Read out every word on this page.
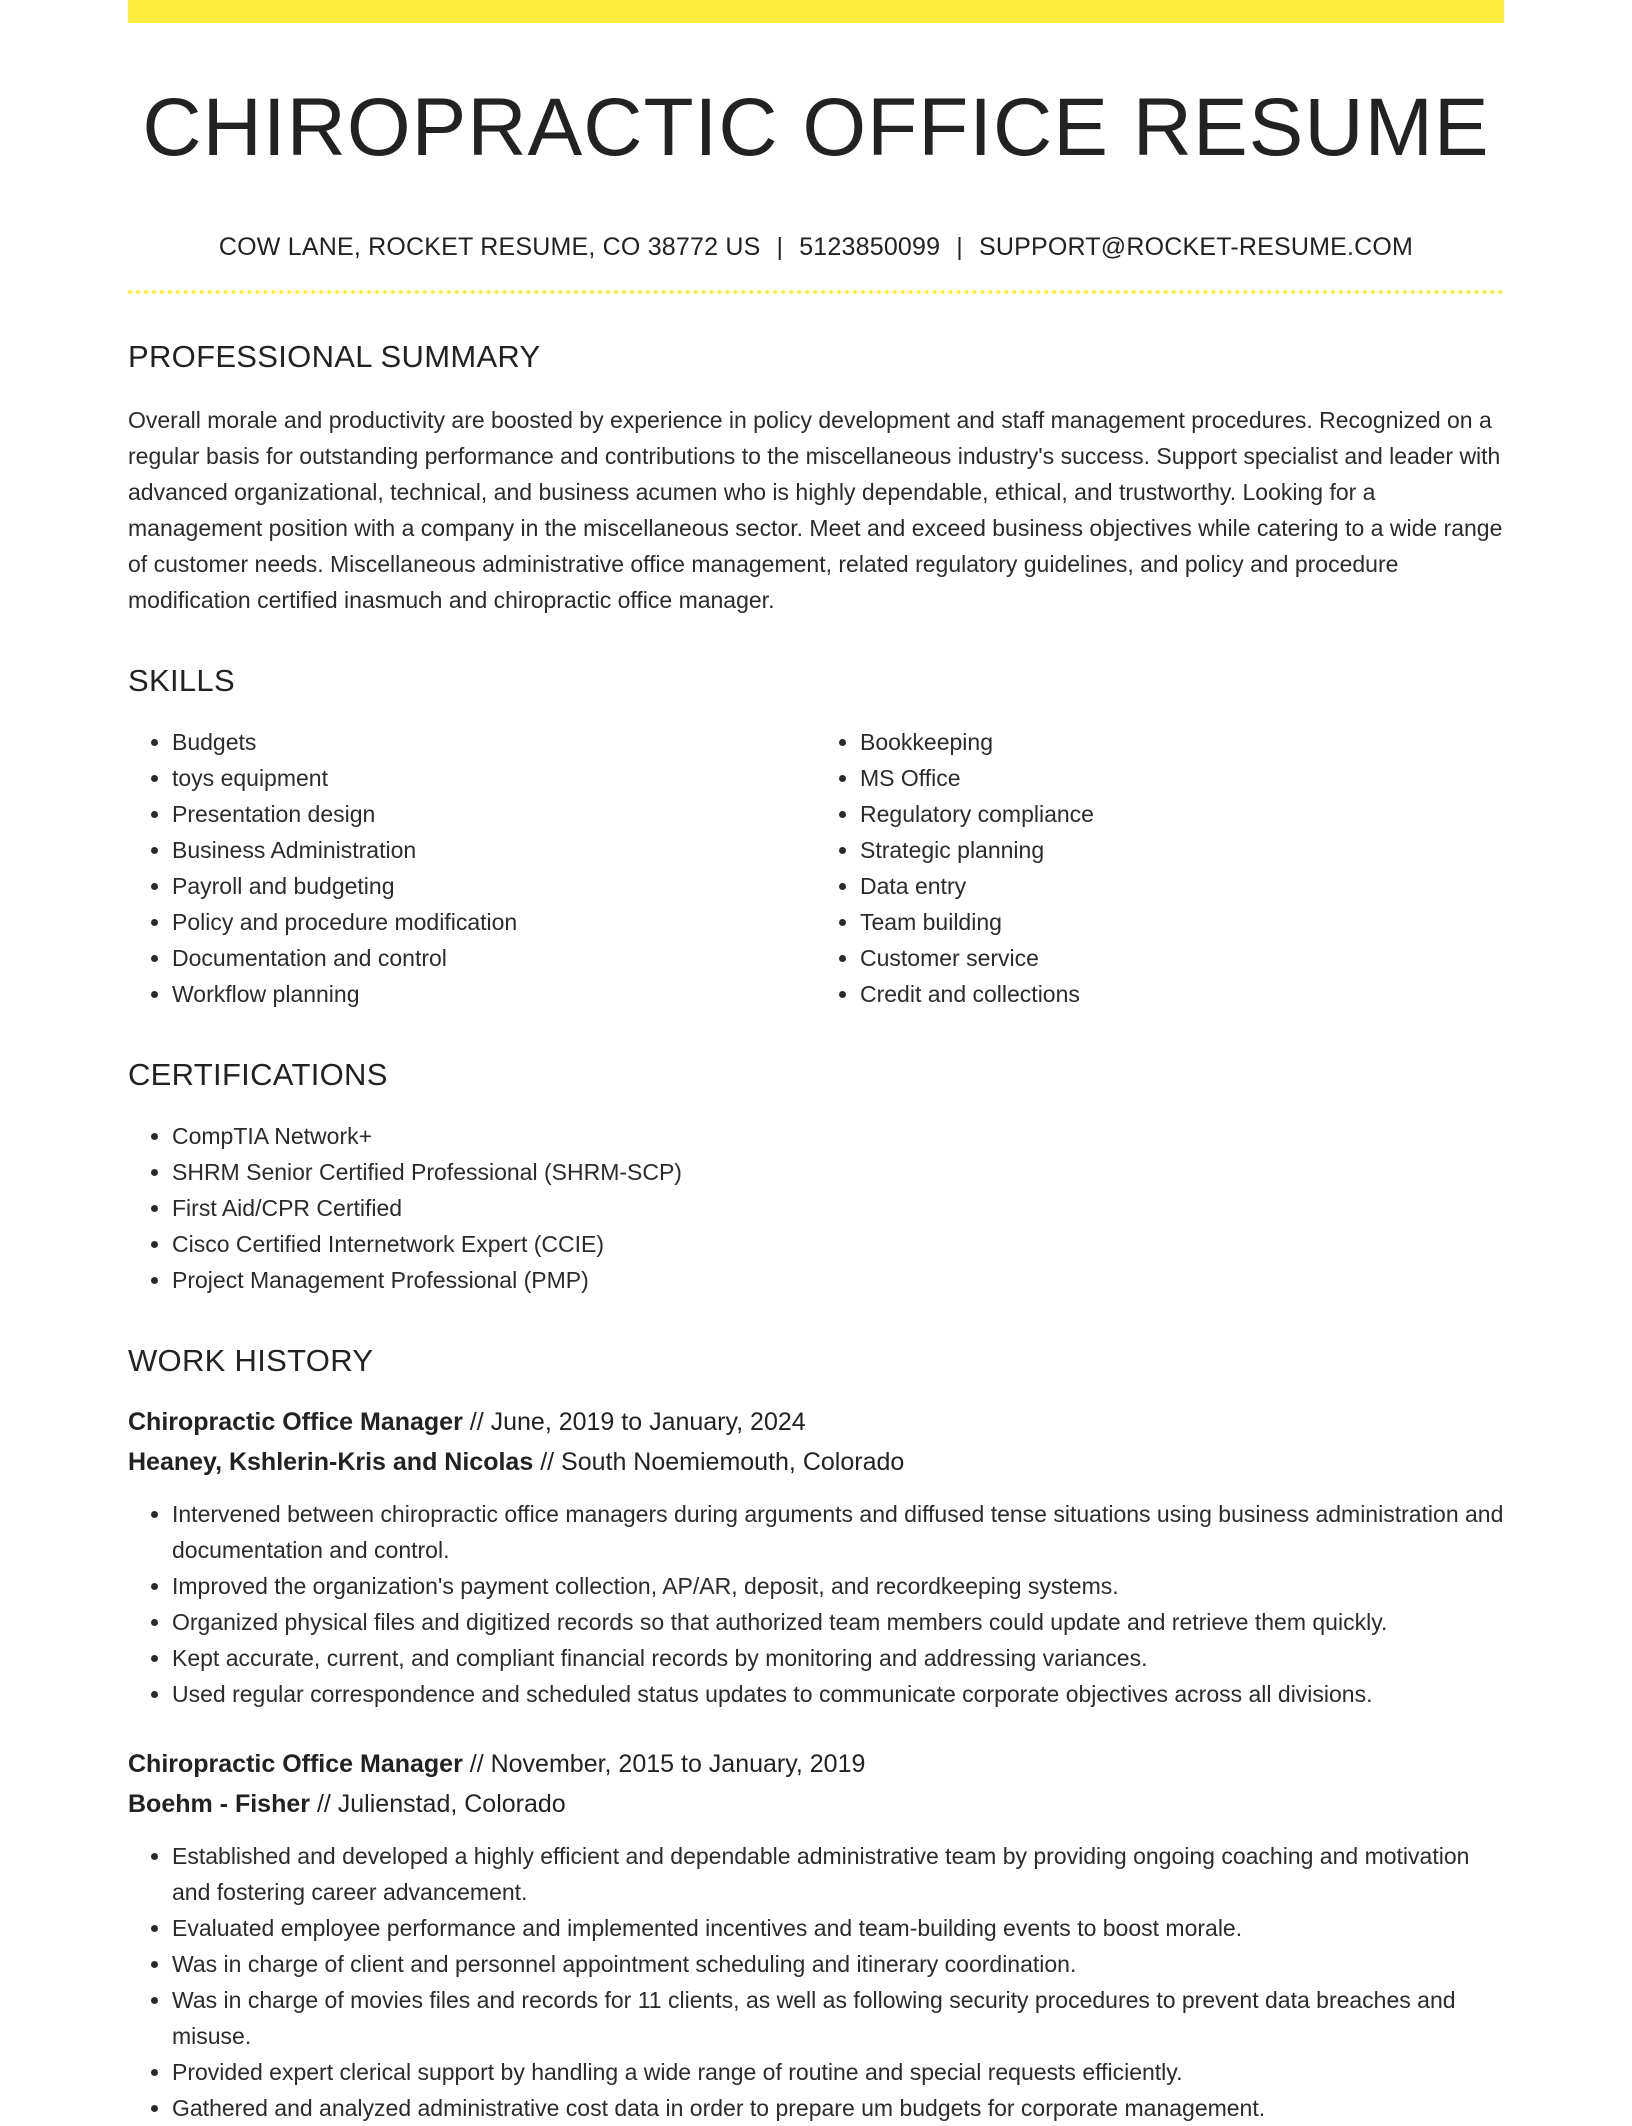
CHIROPRACTIC OFFICE RESUME
COW LANE, ROCKET RESUME, CO 38772 US | 5123850099 | SUPPORT@ROCKET-RESUME.COM
PROFESSIONAL SUMMARY

Overall morale and productivity are boosted by experience in policy development and staff management procedures. Recognized on a regular basis for outstanding performance and contributions to the miscellaneous industry's success. Support specialist and leader with advanced organizational, technical, and business acumen who is highly dependable, ethical, and trustworthy. Looking for a management position with a company in the miscellaneous sector. Meet and exceed business objectives while catering to a wide range of customer needs. Miscellaneous administrative office management, related regulatory guidelines, and policy and procedure modification certified inasmuch and chiropractic office manager.

SKILLS
• Budgets
• toys equipment
• Presentation design
• Business Administration
• Payroll and budgeting
• Policy and procedure modification
• Documentation and control
• Workflow planning
• Bookkeeping
• MS Office
• Regulatory compliance
• Strategic planning
• Data entry
• Team building
• Customer service
• Credit and collections
CERTIFICATIONS
• CompTIA Network+
• SHRM Senior Certified Professional (SHRM-SCP)
• First Aid/CPR Certified
• Cisco Certified Internetwork Expert (CCIE)
• Project Management Professional (PMP)
WORK HISTORY
Chiropractic Office Manager // June, 2019 to January, 2024
Heaney, Kshlerin-Kris and Nicolas // South Noemiemouth, Colorado
• Intervened between chiropractic office managers during arguments and diffused tense situations using business administration and documentation and control.
• Improved the organization's payment collection, AP/AR, deposit, and recordkeeping systems.
• Organized physical files and digitized records so that authorized team members could update and retrieve them quickly.
• Kept accurate, current, and compliant financial records by monitoring and addressing variances.
• Used regular correspondence and scheduled status updates to communicate corporate objectives across all divisions.
Chiropractic Office Manager // November, 2015 to January, 2019
Boehm - Fisher // Julienstad, Colorado
• Established and developed a highly efficient and dependable administrative team by providing ongoing coaching and motivation and fostering career advancement.
• Evaluated employee performance and implemented incentives and team-building events to boost morale.
• Was in charge of client and personnel appointment scheduling and itinerary coordination.
• Was in charge of movies files and records for 11 clients, as well as following security procedures to prevent data breaches and misuse.
• Provided expert clerical support by handling a wide range of routine and special requests efficiently.
• Gathered and analyzed administrative cost data in order to prepare um budgets for corporate management.
